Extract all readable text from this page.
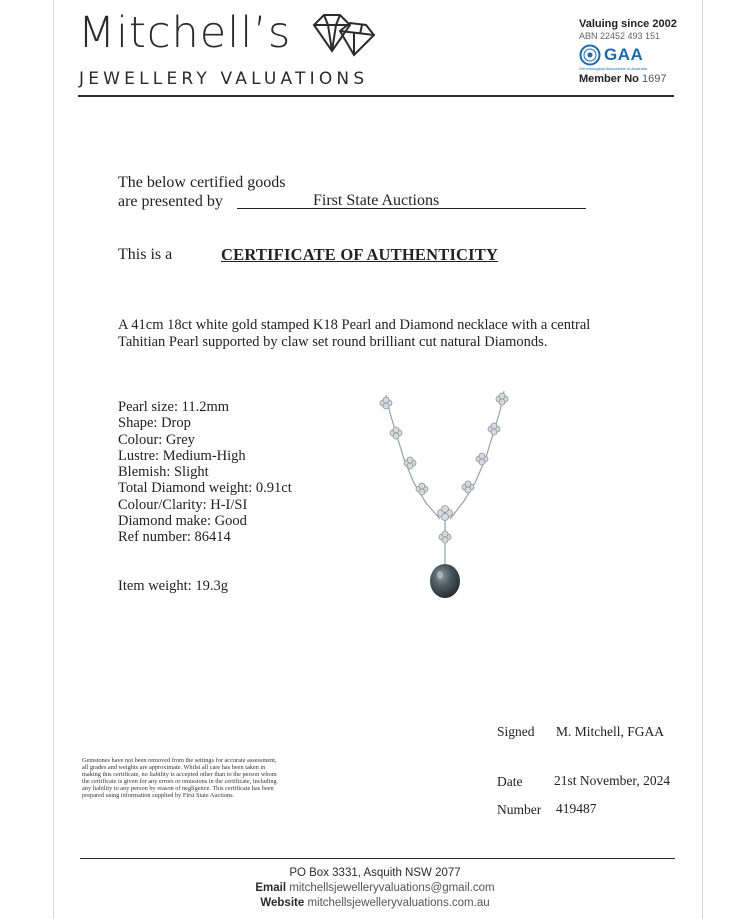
Mitchell’s
JEWELLERY VALUATIONS
Valuing since 2002
ABN 22452 493 151
GAA
Gemmological Association of Australia
Member No 1697
The below certified goods
are presented by	First State Auctions
This is a	CERTIFICATE OF AUTHENTICITY
A 41cm 18ct white gold stamped K18 Pearl and Diamond necklace with a central Tahitian Pearl supported by claw set round brilliant cut natural Diamonds.
Pearl size: 11.2mm
Shape: Drop
Colour: Grey
Lustre: Medium-High
Blemish: Slight
Total Diamond weight: 0.91ct
Colour/Clarity: H-I/SI
Diamond make: Good
Ref number: 86414
Item weight: 19.3g
Signed M. Mitchell, FGAA
Date 21st November, 2024
Number 419487
Gemstones have not been removed from the settings for accurate assessment, all grades and weights are approximate. Whilst all care has been taken in making this certificate, no liability is accepted other than to the person whom the certificate is given for any errors or omissions in the certificate, including any liability to any person by reason of negligence. This certificate has been prepared using information supplied by First State Auctions.
PO Box 3331, Asquith NSW 2077
Email mitchellsjewelleryvaluations@gmail.com
Website mitchellsjewelleryvaluations.com.au
